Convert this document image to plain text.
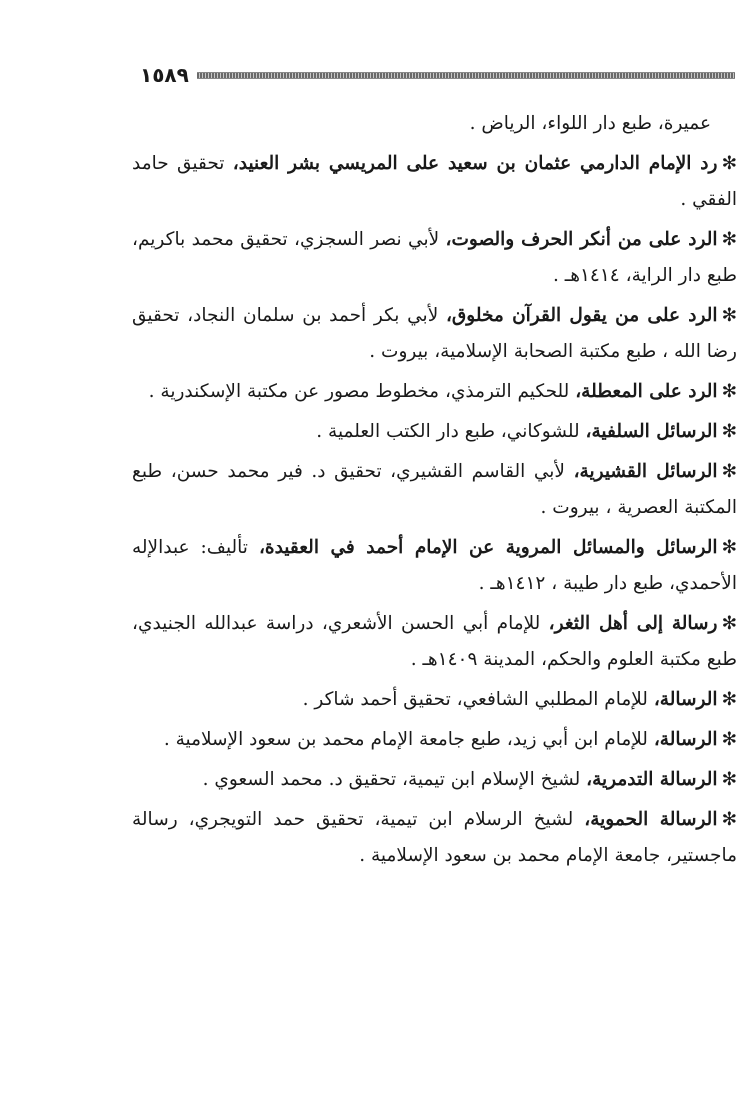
١٥٨٩

عميرة، طبع دار اللواء، الرياض .

✻رد الإمام الدارمي عثمان بن سعيد على المريسي بشر العنيد، تحقيق حامد الفقي .

✻الرد على من أنكر الحرف والصوت، لأبي نصر السجزي، تحقيق محمد باكريم، طبع دار الراية، ١٤١٤هـ .

✻الرد على من يقول القرآن مخلوق، لأبي بكر أحمد بن سلمان النجاد، تحقيق رضا الله ، طبع مكتبة الصحابة الإسلامية، بيروت .

✻الرد على المعطلة، للحكيم الترمذي، مخطوط مصور عن مكتبة الإسكندرية .

✻الرسائل السلفية، للشوكاني، طبع دار الكتب العلمية .

✻الرسائل القشيرية، لأبي القاسم القشيري، تحقيق د. فير محمد حسن، طبع المكتبة العصرية ، بيروت .

✻الرسائل والمسائل المروية عن الإمام أحمد في العقيدة، تأليف: عبدالإله الأحمدي، طبع دار طيبة ، ١٤١٢هـ .

✻رسالة إلى أهل الثغر، للإمام أبي الحسن الأشعري، دراسة عبدالله الجنيدي، طبع مكتبة العلوم والحكم، المدينة ١٤٠٩هـ .

✻الرسالة، للإمام المطلبي الشافعي، تحقيق أحمد شاكر .

✻الرسالة، للإمام ابن أبي زيد، طبع جامعة الإمام محمد بن سعود الإسلامية .

✻الرسالة التدمرية، لشيخ الإسلام ابن تيمية، تحقيق د. محمد السعوي .

✻الرسالة الحموية، لشيخ الرسلام ابن تيمية، تحقيق حمد التويجري، رسالة ماجستير، جامعة الإمام محمد بن سعود الإسلامية .
